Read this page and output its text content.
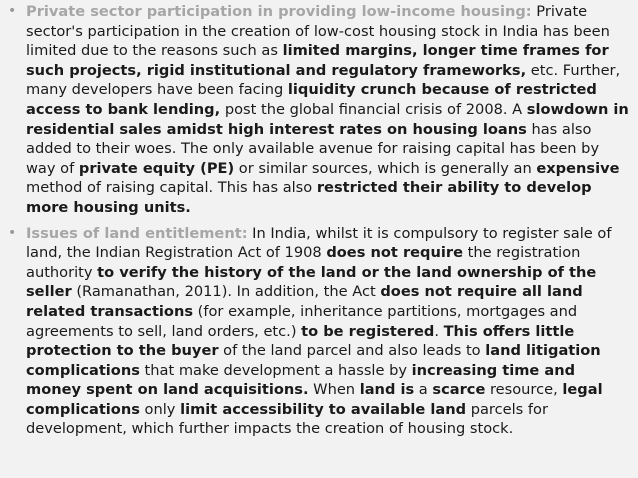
• Private sector participation in providing low-income housing: Private sector's participation in the creation of low-cost housing stock in India has been limited due to the reasons such as limited margins, longer time frames for such projects, rigid institutional and regulatory frameworks, etc. Further, many developers have been facing liquidity crunch because of restricted access to bank lending, post the global financial crisis of 2008. A slowdown in residential sales amidst high interest rates on housing loans has also added to their woes. The only available avenue for raising capital has been by way of private equity (PE) or similar sources, which is generally an expensive method of raising capital. This has also restricted their ability to develop more housing units.
• Issues of land entitlement: In India, whilst it is compulsory to register sale of land, the Indian Registration Act of 1908 does not require the registration authority to verify the history of the land or the land ownership of the seller (Ramanathan, 2011). In addition, the Act does not require all land related transactions (for example, inheritance partitions, mortgages and agreements to sell, land orders, etc.) to be registered. This offers little protection to the buyer of the land parcel and also leads to land litigation complications that make development a hassle by increasing time and money spent on land acquisitions. When land is a scarce resource, legal complications only limit accessibility to available land parcels for development, which further impacts the creation of housing stock.
